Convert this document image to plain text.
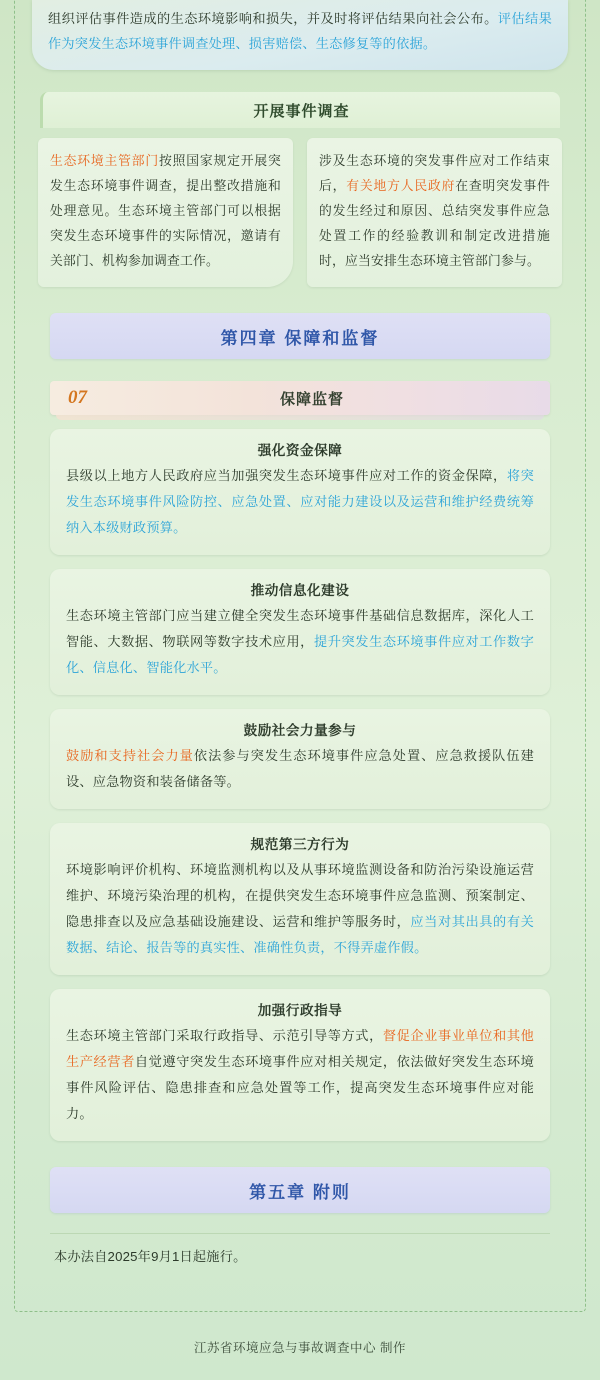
组织评估事件造成的生态环境影响和损失，并及时将评估结果向社会公布。评估结果作为突发生态环境事件调查处理、损害赔偿、生态修复等的依据。
开展事件调查
生态环境主管部门按照国家规定开展突发生态环境事件调查，提出整改措施和处理意见。生态环境主管部门可以根据突发生态环境事件的实际情况，邀请有关部门、机构参加调查工作。
涉及生态环境的突发事件应对工作结束后，有关地方人民政府在查明突发事件的发生经过和原因、总结突发事件应急处置工作的经验教训和制定改进措施时，应当安排生态环境主管部门参与。
第四章 保障和监督
07	保障监督
强化资金保障
县级以上地方人民政府应当加强突发生态环境事件应对工作的资金保障，将突发生态环境事件风险防控、应急处置、应对能力建设以及运营和维护经费统筹纳入本级财政预算。
推动信息化建设
生态环境主管部门应当建立健全突发生态环境事件基础信息数据库，深化人工智能、大数据、物联网等数字技术应用，提升突发生态环境事件应对工作数字化、信息化、智能化水平。
鼓励社会力量参与
鼓励和支持社会力量依法参与突发生态环境事件应急处置、应急救援队伍建设、应急物资和装备储备等。
规范第三方行为
环境影响评价机构、环境监测机构以及从事环境监测设备和防治污染设施运营维护、环境污染治理的机构，在提供突发生态环境事件应急监测、预案制定、隐患排查以及应急基础设施建设、运营和维护等服务时，应当对其出具的有关数据、结论、报告等的真实性、准确性负责，不得弄虚作假。
加强行政指导
生态环境主管部门采取行政指导、示范引导等方式，督促企业事业单位和其他生产经营者自觉遵守突发生态环境事件应对相关规定，依法做好突发生态环境事件风险评估、隐患排查和应急处置等工作，提高突发生态环境事件应对能力。
第五章 附则
本办法自2025年9月1日起施行。
江苏省环境应急与事故调查中心 制作
